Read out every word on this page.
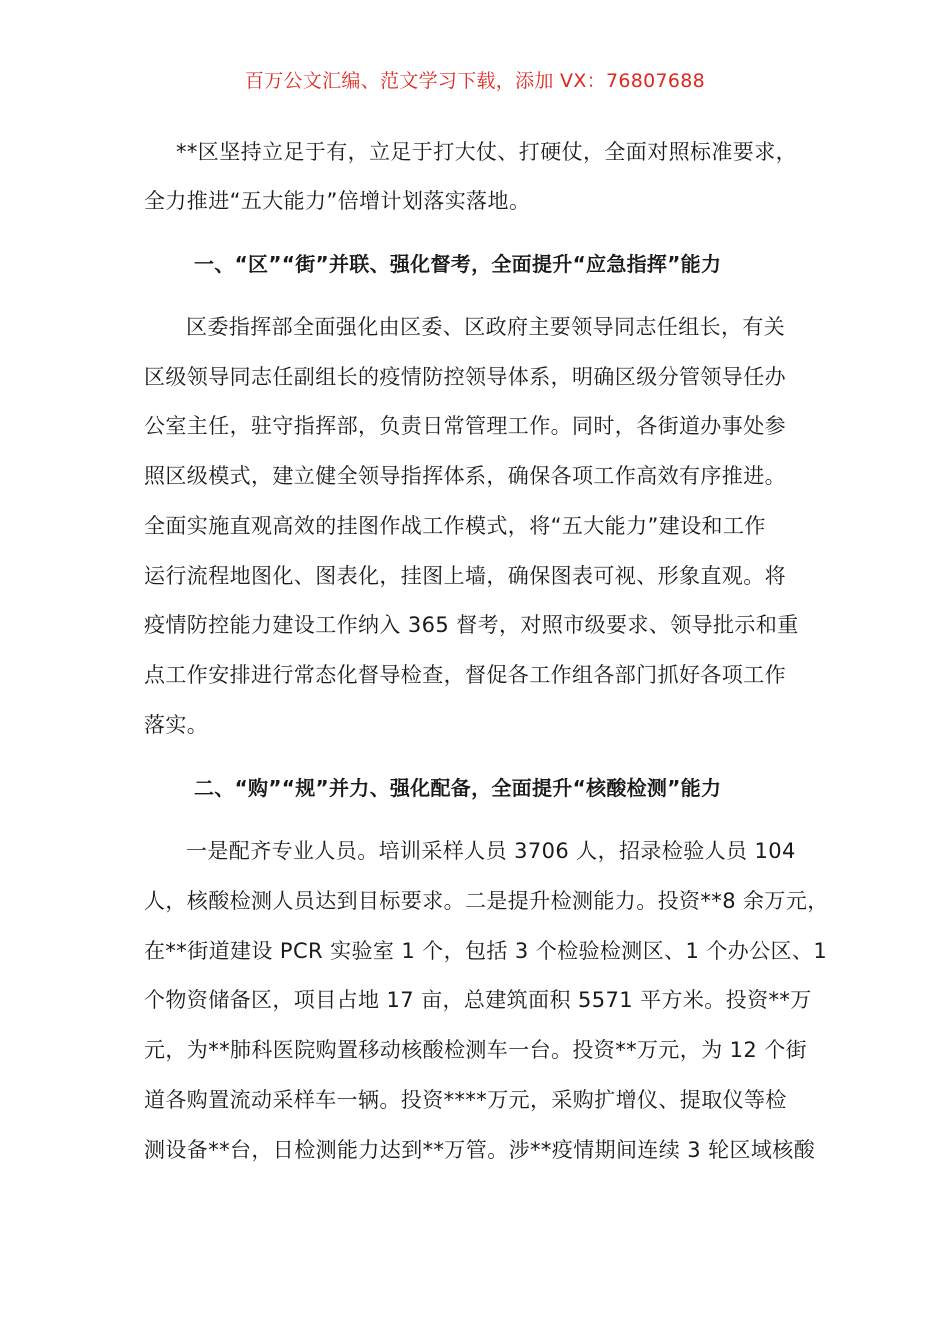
百万公文汇编、范文学习下载，添加 VX：76807688
**区坚持立足于有，立足于打大仗、打硬仗，全面对照标准要求，
全力推进“五大能力”倍增计划落实落地。
一、“区”“街”并联、强化督考，全面提升“应急指挥”能力
区委指挥部全面强化由区委、区政府主要领导同志任组长，有关
区级领导同志任副组长的疫情防控领导体系，明确区级分管领导任办
公室主任，驻守指挥部，负责日常管理工作。同时，各街道办事处参
照区级模式，建立健全领导指挥体系，确保各项工作高效有序推进。
全面实施直观高效的挂图作战工作模式，将“五大能力”建设和工作
运行流程地图化、图表化，挂图上墙，确保图表可视、形象直观。将
疫情防控能力建设工作纳入 365 督考，对照市级要求、领导批示和重
点工作安排进行常态化督导检查，督促各工作组各部门抓好各项工作
落实。
二、“购”“规”并力、强化配备，全面提升“核酸检测”能力
一是配齐专业人员。培训采样人员 3706 人，招录检验人员 104
人，核酸检测人员达到目标要求。二是提升检测能力。投资**8 余万元，
在**街道建设 PCR 实验室 1 个，包括 3 个检验检测区、1 个办公区、1
个物资储备区，项目占地 17 亩，总建筑面积 5571 平方米。投资**万
元，为**肺科医院购置移动核酸检测车一台。投资**万元，为 12 个街
道各购置流动采样车一辆。投资****万元，采购扩增仪、提取仪等检
测设备**台，日检测能力达到**万管。涉**疫情期间连续 3 轮区域核酸
